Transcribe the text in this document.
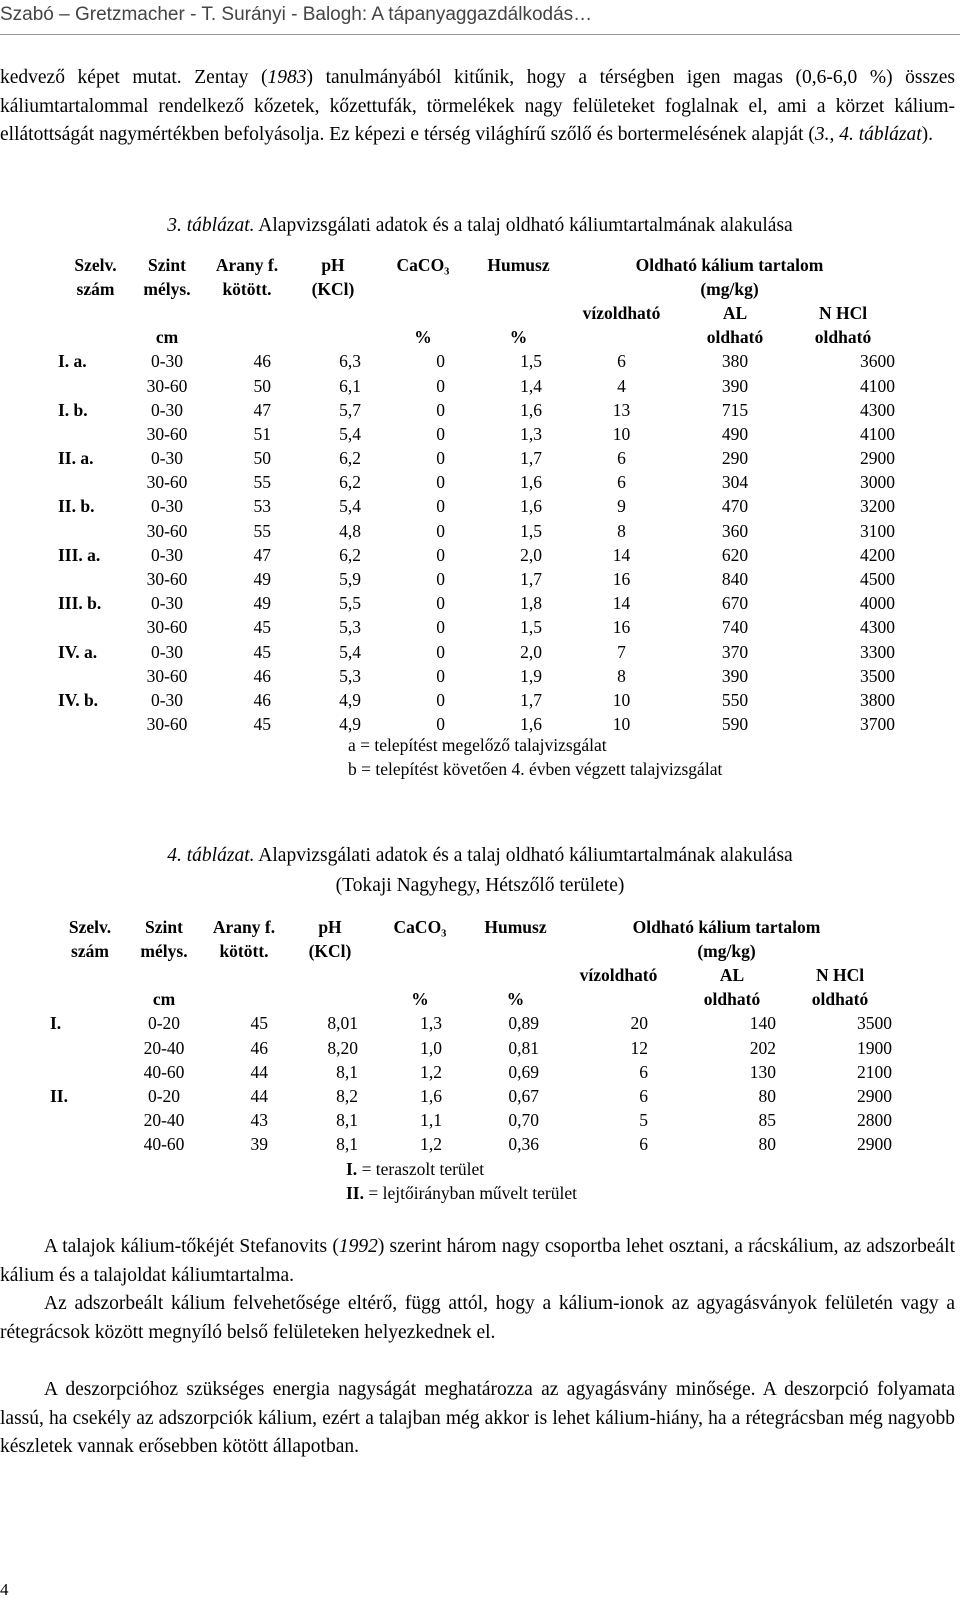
Szabó – Gretzmacher - T. Surányi - Balogh: A tápanyaggazdálkodás…

kedvező képet mutat. Zentay (1983) tanulmányából kitűnik, hogy a térségben igen magas (0,6-6,0 %) összes káliumtartalommal rendelkező kőzetek, kőzettufák, törmelékek nagy felületeket foglalnak el, ami a körzet kálium-ellátottságát nagymértékben befolyásolja. Ez képezi e térség világhírű szőlő és bortermelésének alapját (3., 4. táblázat).

3. táblázat. Alapvizsgálati adatok és a talaj oldható káliumtartalmának alakulása
Szelv.	Szint	Arany f.	pH	CaCO₃	Humusz	Oldható kálium tartalom		
szám	mélys.	kötött.	(KCl)			(mg/kg)		
						vízoldható	AL	N HCl
	cm			%	%		oldható	oldható
I. a.	0-30	46	6,3	0	1,5	6	380	3600
	30-60	50	6,1	0	1,4	4	390	4100
I. b.	0-30	47	5,7	0	1,6	13	715	4300
	30-60	51	5,4	0	1,3	10	490	4100
II. a.	0-30	50	6,2	0	1,7	6	290	2900
	30-60	55	6,2	0	1,6	6	304	3000
II. b.	0-30	53	5,4	0	1,6	9	470	3200
	30-60	55	4,8	0	1,5	8	360	3100
III. a.	0-30	47	6,2	0	2,0	14	620	4200
	30-60	49	5,9	0	1,7	16	840	4500
III. b.	0-30	49	5,5	0	1,8	14	670	4000
	30-60	45	5,3	0	1,5	16	740	4300
IV. a.	0-30	45	5,4	0	2,0	7	370	3300
	30-60	46	5,3	0	1,9	8	390	3500
IV. b.	0-30	46	4,9	0	1,7	10	550	3800
	30-60	45	4,9	0	1,6	10	590	3700
a = telepítést megelőző talajvizsgálat
b = telepítést követően 4. évben végzett talajvizsgálat
4. táblázat. Alapvizsgálati adatok és a talaj oldható káliumtartalmának alakulása
(Tokaji Nagyhegy, Hétszőlő területe)
Szelv.	Szint	Arany f.	pH	CaCO₃	Humusz	Oldható kálium tartalom		
szám	mélys.	kötött.	(KCl)			(mg/kg)		
						vízoldható	AL	N HCl
	cm			%	%		oldható	oldható
I.	0-20	45	8,01	1,3	0,89	20	140	3500
	20-40	46	8,20	1,0	0,81	12	202	1900
	40-60	44	8,1	1,2	0,69	6	130	2100
II.	0-20	44	8,2	1,6	0,67	6	80	2900
	20-40	43	8,1	1,1	0,70	5	85	2800
	40-60	39	8,1	1,2	0,36	6	80	2900
I. = teraszolt terület
II. = lejtőirányban művelt terület

A talajok kálium-tőkéjét Stefanovits (1992) szerint három nagy csoportba lehet osztani, a rácskálium, az adszorbeált kálium és a talajoldat káliumtartalma.

Az adszorbeált kálium felvehetősége eltérő, függ attól, hogy a kálium-ionok az agyagásványok felületén vagy a rétegrácsok között megnyíló belső felületeken helyezkednek el.

A deszorpcióhoz szükséges energia nagyságát meghatározza az agyagásvány minősége. A deszorpció folyamata lassú, ha csekély az adszorpciók kálium, ezért a talajban még akkor is lehet kálium-hiány, ha a rétegrácsban még nagyobb készletek vannak erősebben kötött állapotban.

4
